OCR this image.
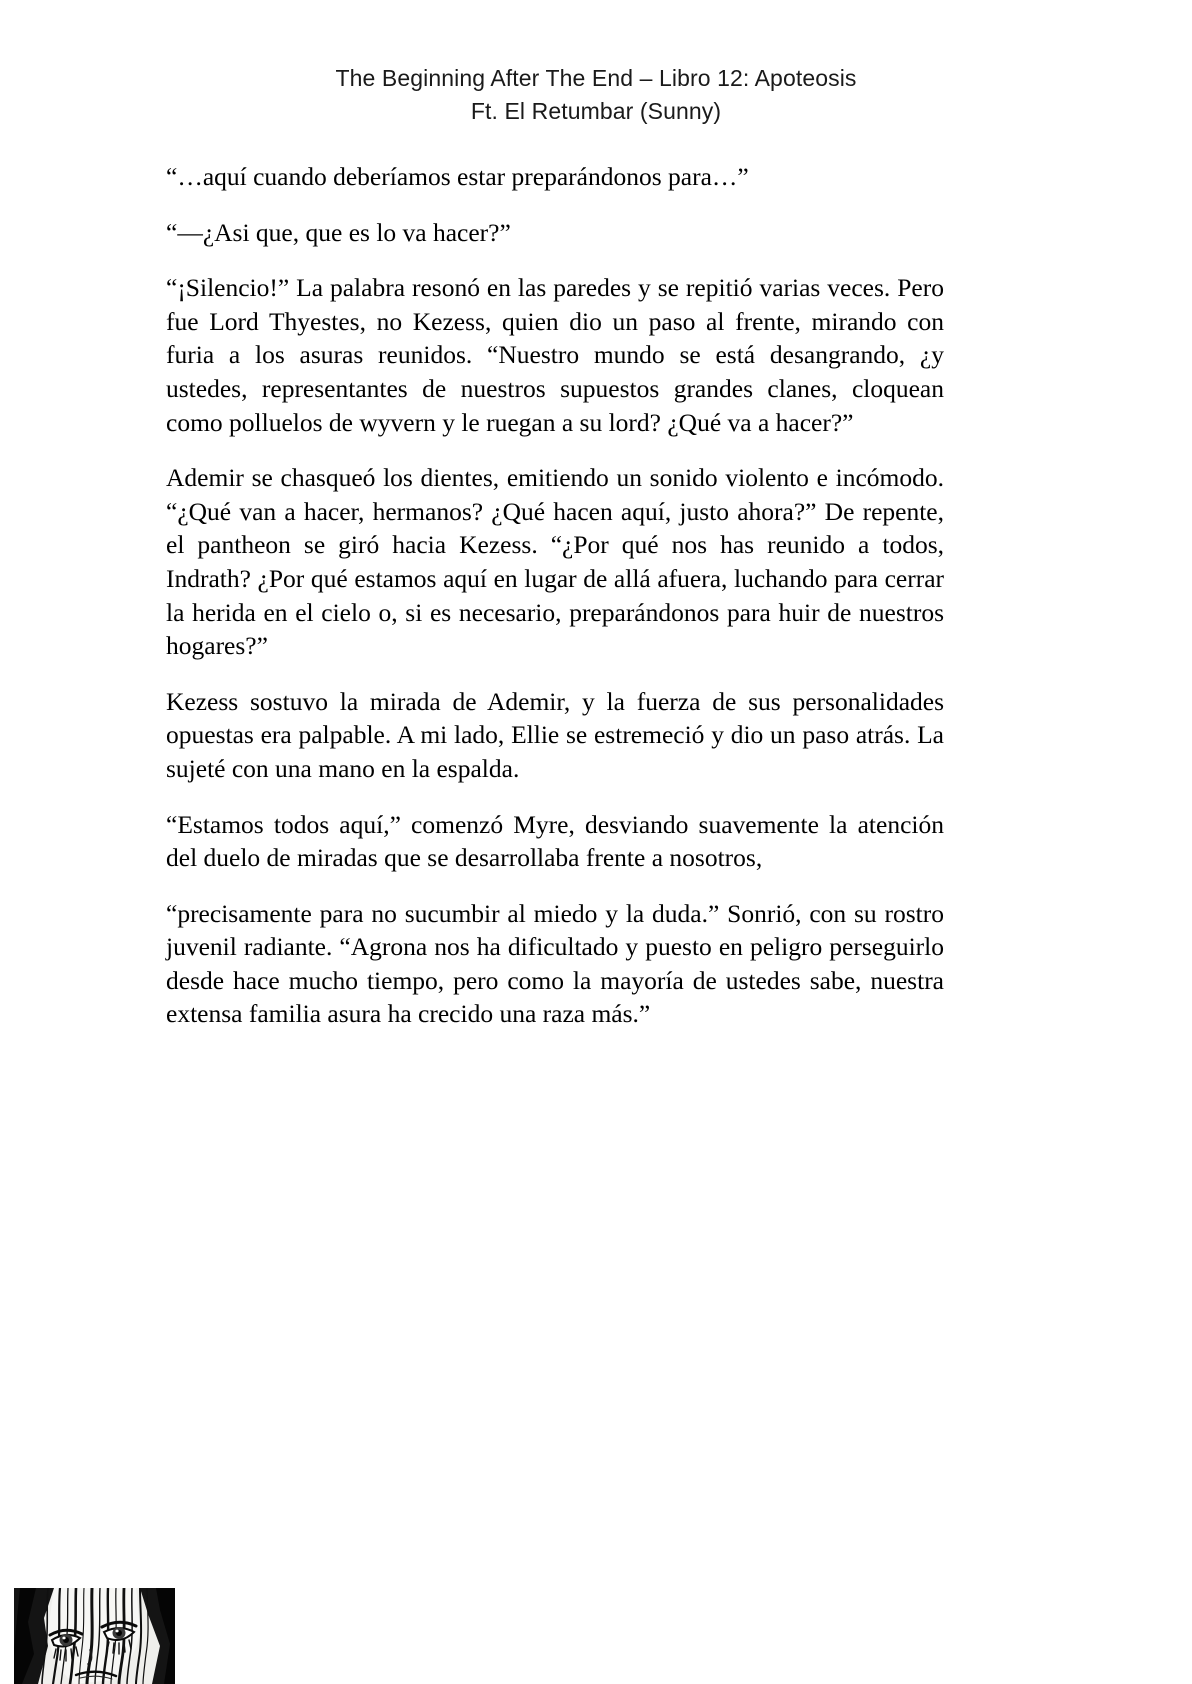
The Beginning After The End – Libro 12: Apoteosis
Ft. El Retumbar (Sunny)

“…aquí cuando deberíamos estar preparándonos para…”

“—¿Asi que, que es lo va hacer?”

“¡Silencio!” La palabra resonó en las paredes y se repitió varias veces. Pero fue Lord Thyestes, no Kezess, quien dio un paso al frente, mirando con furia a los asuras reunidos. “Nuestro mundo se está desangrando, ¿y ustedes, representantes de nuestros supuestos grandes clanes, cloquean como polluelos de wyvern y le ruegan a su lord? ¿Qué va a hacer?”

Ademir se chasqueó los dientes, emitiendo un sonido violento e incómodo. “¿Qué van a hacer, hermanos? ¿Qué hacen aquí, justo ahora?” De repente, el pantheon se giró hacia Kezess. “¿Por qué nos has reunido a todos, Indrath? ¿Por qué estamos aquí en lugar de allá afuera, luchando para cerrar la herida en el cielo o, si es necesario, preparándonos para huir de nuestros hogares?”

Kezess sostuvo la mirada de Ademir, y la fuerza de sus personalidades opuestas era palpable. A mi lado, Ellie se estremeció y dio un paso atrás. La sujeté con una mano en la espalda.

“Estamos todos aquí,” comenzó Myre, desviando suavemente la atención del duelo de miradas que se desarrollaba frente a nosotros,

“precisamente para no sucumbir al miedo y la duda.” Sonrió, con su rostro juvenil radiante. “Agrona nos ha dificultado y puesto en peligro perseguirlo desde hace mucho tiempo, pero como la mayoría de ustedes sabe, nuestra extensa familia asura ha crecido una raza más.”
